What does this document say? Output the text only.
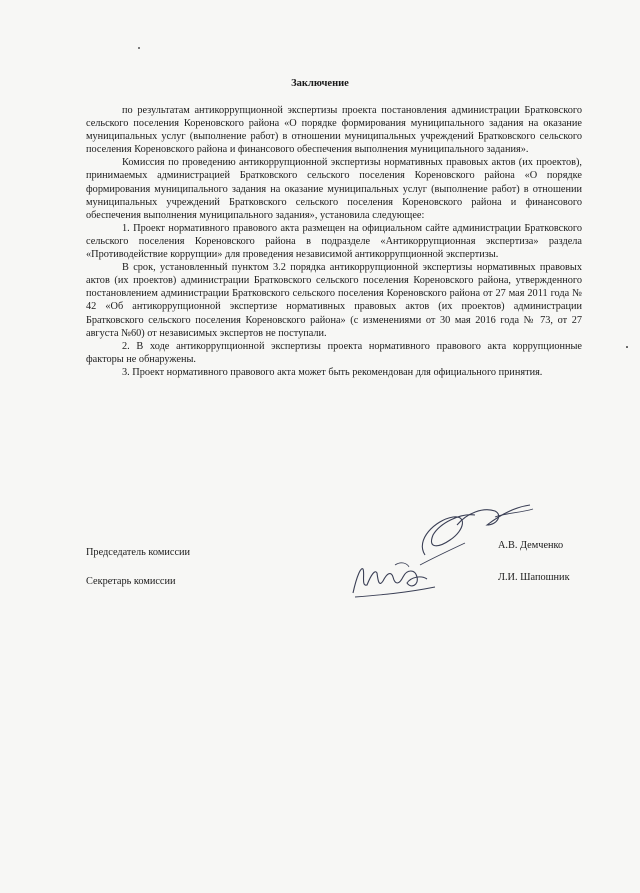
Заключение

по результатам антикоррупционной экспертизы проекта постановления администрации Братковского сельского поселения Кореновского района «О порядке формирования муниципального задания на оказание муниципальных услуг (выполнение работ) в отношении муниципальных учреждений Братковского сельского поселения Кореновского района и финансового обеспечения выполнения муниципального задания».

Комиссия по проведению антикоррупционной экспертизы нормативных правовых актов (их проектов), принимаемых администрацией Братковского сельского поселения Кореновского района «О порядке формирования муниципального задания на оказание муниципальных услуг (выполнение работ) в отношении муниципальных учреждений Братковского сельского поселения Кореновского района и финансового обеспечения выполнения муниципального задания», установила следующее:

1. Проект нормативного правового акта размещен на официальном сайте администрации Братковского сельского поселения Кореновского района в подразделе «Антикоррупционная экспертиза» раздела «Противодействие коррупции» для проведения независимой антикоррупционной экспертизы.

В срок, установленный пунктом 3.2 порядка антикоррупционной экспертизы нормативных правовых актов (их проектов) администрации Братковского сельского поселения Кореновского района, утвержденного постановлением администрации Братковского сельского поселения Кореновского района от 27 мая 2011 года № 42 «Об антикоррупционной экспертизе нормативных правовых актов (их проектов) администрации Братковского сельского поселения Кореновского района» (с изменениями от 30 мая 2016 года № 73, от 27 августа №60) от независимых экспертов не поступали.

2. В ходе антикоррупционной экспертизы проекта нормативного правового акта коррупционные факторы не обнаружены.

3. Проект нормативного правового акта может быть рекомендован для официального принятия.

Председатель комиссии
А.В. Демченко
Секретарь комиссии	Л.И. Шапошник
